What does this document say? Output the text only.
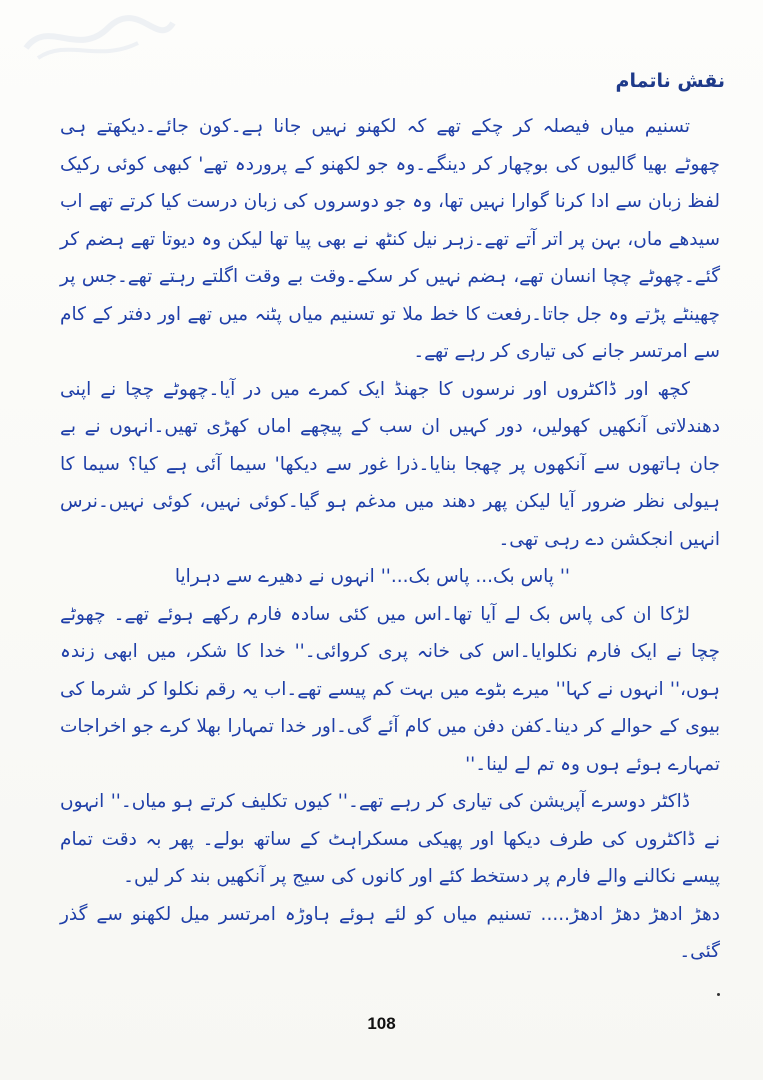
نقش ناتمام

تسنیم میاں فیصلہ کر چکے تھے کہ لکھنو نہیں جانا ہے۔کون جائے۔دیکھتے ہی چھوٹے بھیا گالیوں کی بوچھار کر دینگے۔وہ جو لکھنو کے پروردہ تھے' کبھی کوئی رکیک لفظ زبان سے ادا کرنا گوارا نہیں تھا، وہ جو دوسروں کی زبان درست کیا کرتے تھے اب سیدھے ماں، بہن پر اتر آتے تھے۔زہر نیل کنٹھ نے بھی پیا تھا لیکن وہ دیوتا تھے ہضم کر گئے۔چھوٹے چچا انسان تھے، ہضم نہیں کر سکے۔وقت بے وقت اگلتے رہتے تھے۔جس پر چھینٹے پڑتے وہ جل جاتا۔رفعت کا خط ملا تو تسنیم میاں پٹنہ میں تھے اور دفتر کے کام سے امرتسر جانے کی تیاری کر رہے تھے۔

کچھ اور ڈاکٹروں اور نرسوں کا جھنڈ ایک کمرے میں در آیا۔چھوٹے چچا نے اپنی دھندلاتی آنکھیں کھولیں، دور کہیں ان سب کے پیچھے اماں کھڑی تھیں۔انہوں نے بے جان ہاتھوں سے آنکھوں پر چھجا بنایا۔ذرا غور سے دیکھا' سیما آئی ہے کیا؟ سیما کا ہیولی نظر ضرور آیا لیکن پھر دھند میں مدغم ہو گیا۔کوئی نہیں، کوئی نہیں۔نرس انہیں انجکشن دے رہی تھی۔

'' پاس بک... پاس بک...'' انہوں نے دھیرے سے دہرایا

لڑکا ان کی پاس بک لے آیا تھا۔اس میں کئی سادہ فارم رکھے ہوئے تھے۔ چھوٹے چچا نے ایک فارم نکلوایا۔اس کی خانہ پری کروائی۔'' خدا کا شکر، میں ابھی زندہ ہوں،'' انہوں نے کہا'' میرے بٹوے میں بہت کم پیسے تھے۔اب یہ رقم نکلوا کر شرما کی بیوی کے حوالے کر دینا۔کفن دفن میں کام آئے گی۔اور خدا تمہارا بھلا کرے جو اخراجات تمہارے ہوئے ہوں وہ تم لے لینا۔''

ڈاکٹر دوسرے آپریشن کی تیاری کر رہے تھے۔'' کیوں تکلیف کرتے ہو میاں۔'' انہوں نے ڈاکٹروں کی طرف دیکھا اور پھیکی مسکراہٹ کے ساتھ بولے۔ پھر بہ دقت تمام پیسے نکالنے والے فارم پر دستخط کئے اور کانوں کی سیج پر آنکھیں بند کر لیں۔

دھڑ ادھڑ دھڑ ادھڑ..... تسنیم میاں کو لئے ہوئے ہاوڑہ امرتسر میل لکھنو سے گذر گئی۔

108
